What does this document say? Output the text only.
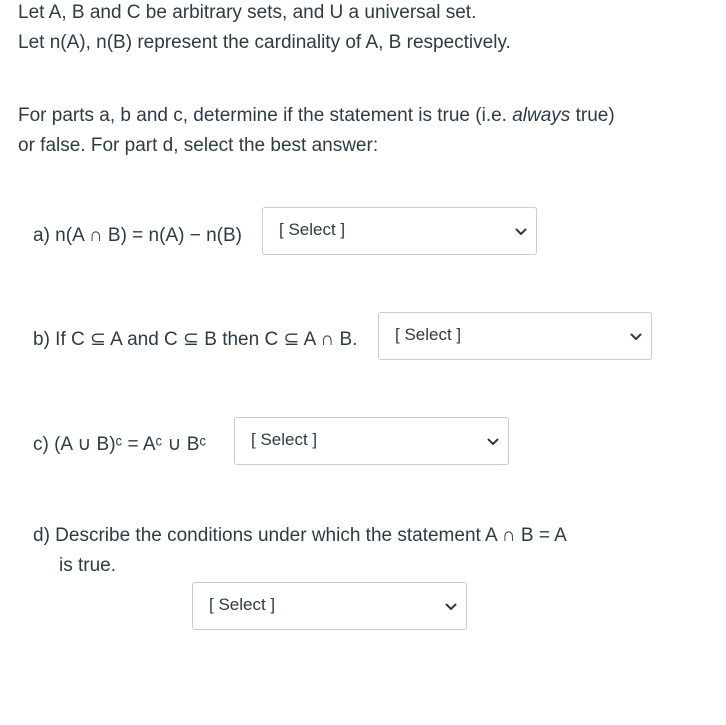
Let A, B and C be arbitrary sets, and U a universal set.
Let n(A), n(B) represent the cardinality of A, B respectively.
For parts a, b and c, determine if the statement is true (i.e. always true)
or false. For part d, select the best answer:
a) n(A ∩ B) = n(A) − n(B) [ Select ]
b) If C ⊆ A and C ⊆ B then C ⊆ A ∩ B. [ Select ]
c) (A ∪ B)ᶜ = Aᶜ ∪ Bᶜ	[ Select ]
d) Describe the conditions under which the statement A ∩ B = A
is true.
[ Select ]
